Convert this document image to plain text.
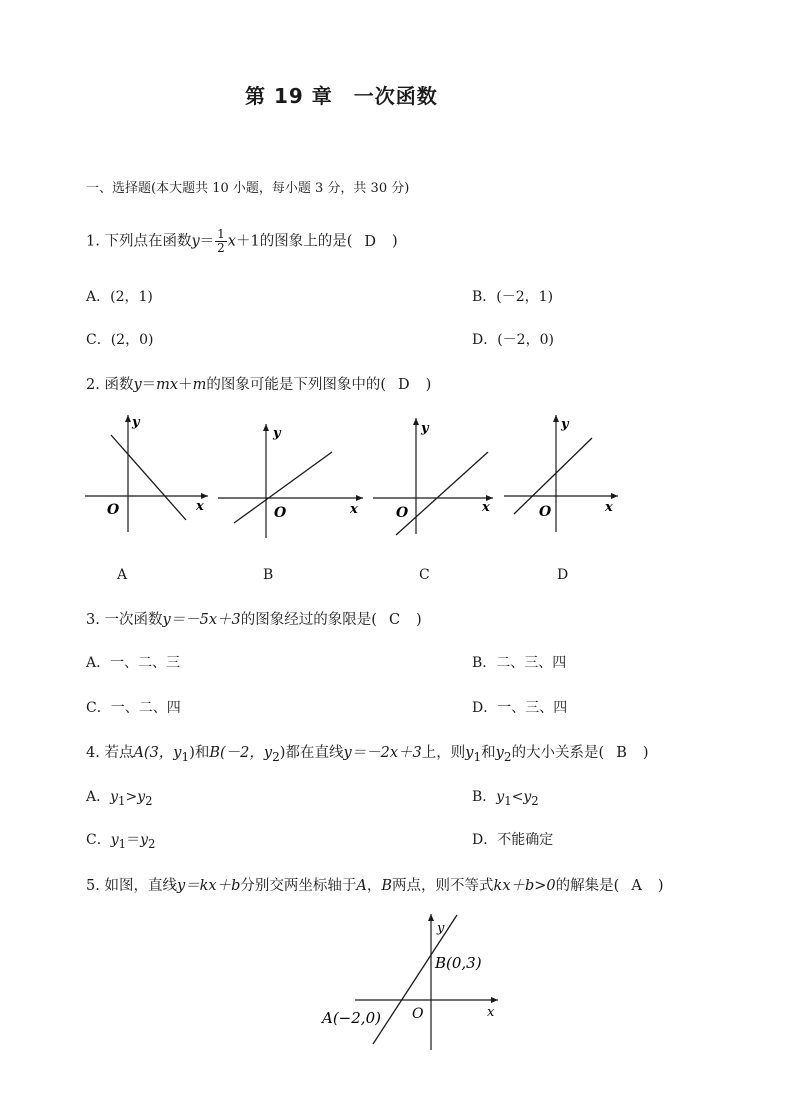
第 19 章　一次函数
一、选择题(本大题共 10 小题，每小题 3 分，共 30 分)
1. 下列点在函数$y= \frac{1}{2} x+1$的图象上的是( D )
A．(2，1)	B．(－2，1)
C．(2，0)	D．(－2，0)
2. 函数y＝mx＋m的图象可能是下列图象中的( D )
y
x
O
y
x
O
y
x
O
y
x
O
A	B	C	D
3. 一次函数y＝－5x＋3的图象经过的象限是( C )
A．一、二、三	B．二、三、四
C．一、二、四	D．一、三、四
4. 若点A(3，$y_1$)和B(－2，$y_2$)都在直线y＝－2x＋3上，则$y_1$和$y_2$的大小关系是( B )
A．$y_1>y_2$	B．$y_1<y_2$
C．$y_1=y_2$	D．不能确定
5. 如图，直线y＝kx＋b分别交两坐标轴于A，B两点，则不等式kx＋b>0的解集是( A )
y
x
B(0,3)
A(−2,0) O
